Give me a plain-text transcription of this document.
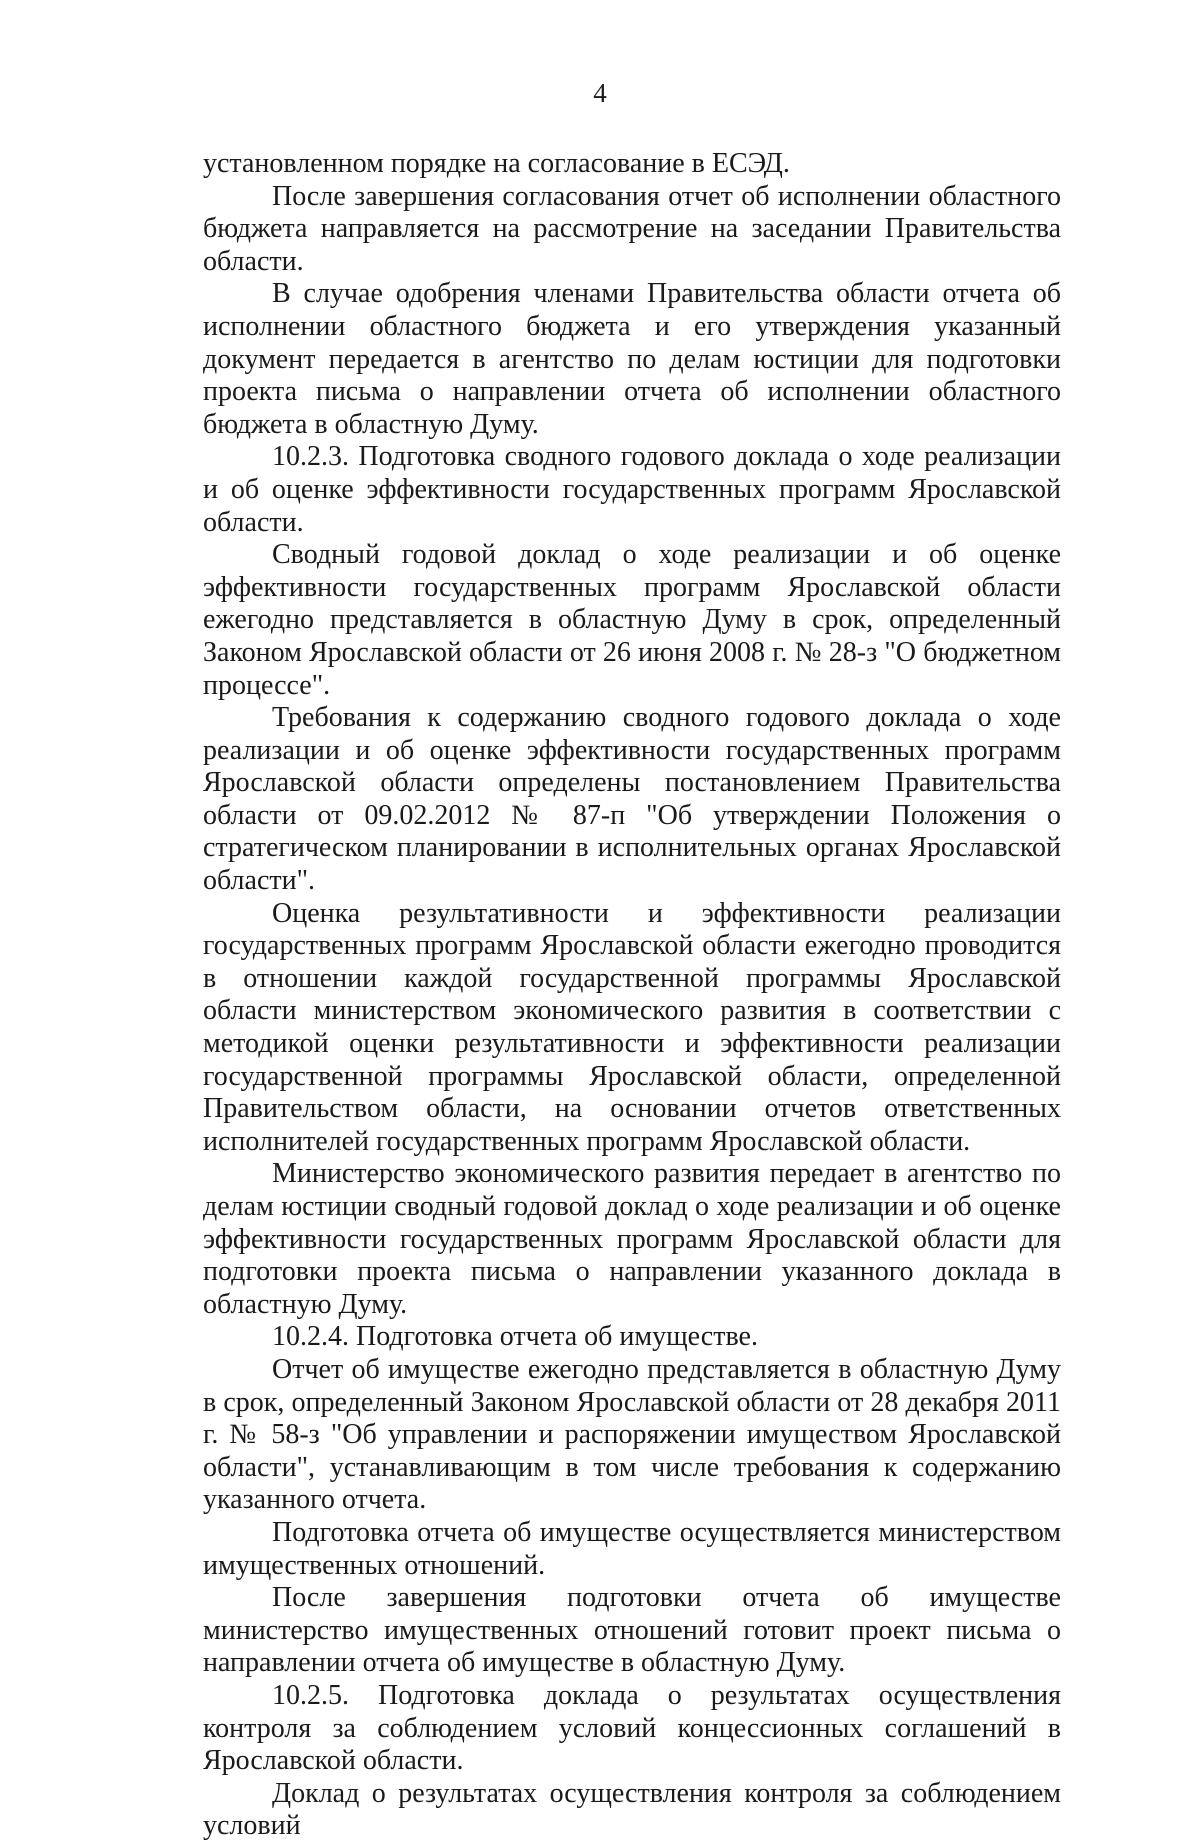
4

установленном порядке на согласование в ЕСЭД.

После завершения согласования отчет об исполнении областного бюджета направляется на рассмотрение на заседании Правительства области.

В случае одобрения членами Правительства области отчета об исполнении областного бюджета и его утверждения указанный документ передается в агентство по делам юстиции для подготовки проекта письма о направлении отчета об исполнении областного бюджета в областную Думу.

10.2.3. Подготовка сводного годового доклада о ходе реализации и об оценке эффективности государственных программ Ярославской области.

Сводный годовой доклад о ходе реализации и об оценке эффективности государственных программ Ярославской области ежегодно представляется в областную Думу в срок, определенный Законом Ярославской области от 26 июня 2008 г. № 28-з "О бюджетном процессе".

Требования к содержанию сводного годового доклада о ходе реализации и об оценке эффективности государственных программ Ярославской области определены постановлением Правительства области от 09.02.2012 № 87-п "Об утверждении Положения о стратегическом планировании в исполнительных органах Ярославской области".

Оценка результативности и эффективности реализации государственных программ Ярославской области ежегодно проводится в отношении каждой государственной программы Ярославской области министерством экономического развития в соответствии с методикой оценки результативности и эффективности реализации государственной программы Ярославской области, определенной Правительством области, на основании отчетов ответственных исполнителей государственных программ Ярославской области.

Министерство экономического развития передает в агентство по делам юстиции сводный годовой доклад о ходе реализации и об оценке эффективности государственных программ Ярославской области для подготовки проекта письма о направлении указанного доклада в областную Думу.

10.2.4. Подготовка отчета об имуществе.

Отчет об имуществе ежегодно представляется в областную Думу в срок, определенный Законом Ярославской области от 28 декабря 2011 г. № 58-з "Об управлении и распоряжении имуществом Ярославской области", устанавливающим в том числе требования к содержанию указанного отчета.

Подготовка отчета об имуществе осуществляется министерством имущественных отношений.

После завершения подготовки отчета об имуществе министерство имущественных отношений готовит проект письма о направлении отчета об имуществе в областную Думу.

10.2.5. Подготовка доклада о результатах осуществления контроля за соблюдением условий концессионных соглашений в Ярославской области.

Доклад о результатах осуществления контроля за соблюдением условий
